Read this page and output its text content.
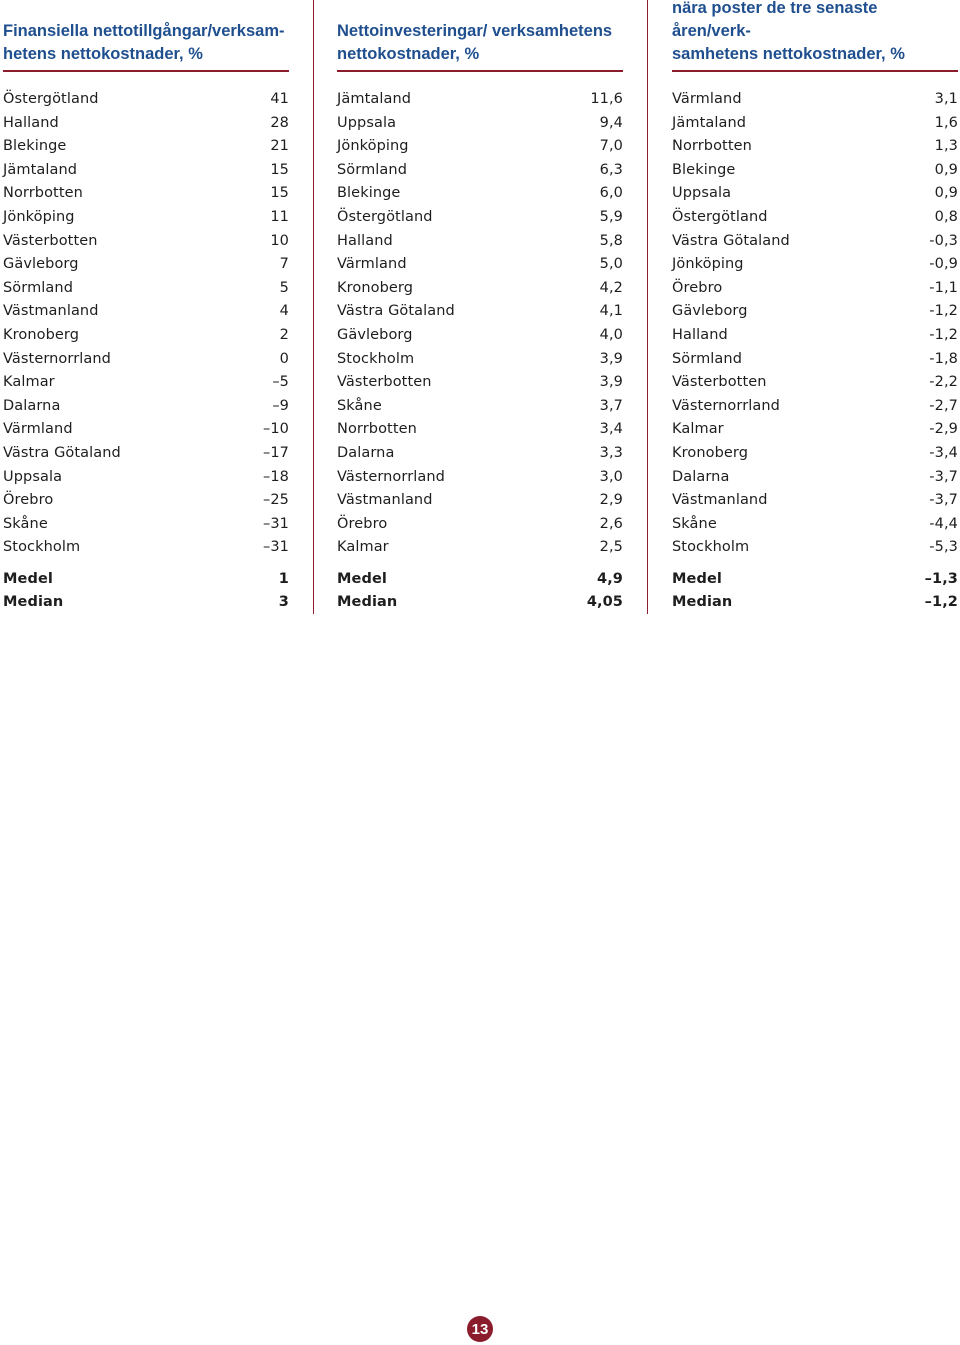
Finansiella nettotillgångar/verksam-
hetens nettokostnader, %
Östergötland	41
Halland	28
Blekinge	21
Jämtaland	15
Norrbotten	15
Jönköping	11
Västerbotten	10
Gävleborg	7
Sörmland	5
Västmanland	4
Kronoberg	2
Västernorrland	0
Kalmar	–5
Dalarna	–9
Värmland	–10
Västra Götaland	–17
Uppsala	–18
Örebro	–25
Skåne	–31
Stockholm	–31
Medel	1
Median	3
Nettoinvesteringar/ verksamhetens
nettokostnader, %
Jämtaland	11,6
Uppsala	9,4
Jönköping	7,0
Sörmland	6,3
Blekinge	6,0
Östergötland	5,9
Halland	5,8
Värmland	5,0
Kronoberg	4,2
Västra Götaland	4,1
Gävleborg	4,0
Stockholm	3,9
Västerbotten	3,9
Skåne	3,7
Norrbotten	3,4
Dalarna	3,3
Västernorrland	3,0
Västmanland	2,9
Örebro	2,6
Kalmar	2,5
Medel	4,9
Median	4,05

nära poster de tre senaste åren/verk-
samhetens nettokostnader, %
Värmland	3,1
Jämtaland	1,6
Norrbotten	1,3
Blekinge	0,9
Uppsala	0,9
Östergötland	0,8
Västra Götaland	-0,3
Jönköping	-0,9
Örebro	-1,1
Gävleborg	-1,2
Halland	-1,2
Sörmland	-1,8
Västerbotten	-2,2
Västernorrland	-2,7
Kalmar	-2,9
Kronoberg	-3,4
Dalarna	-3,7
Västmanland	-3,7
Skåne	-4,4
Stockholm	-5,3
Medel	–1,3
Median	–1,2
13
